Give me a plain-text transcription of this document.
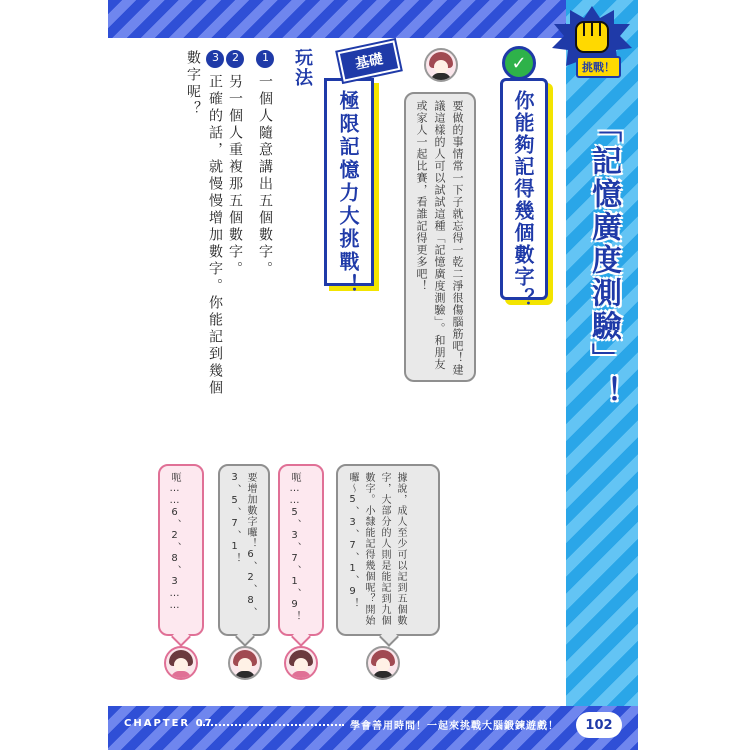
挑戰！
「記憶廣度測驗」！
✓
你能夠記得幾個數字？
要做的事情常一下子就忘得一乾二淨很傷腦筋吧！建議這樣的人可以試試這種「記憶廣度測驗」。和朋友或家人一起比賽，看誰記得更多吧！
基礎
極限記憶力大挑戰！
玩法
1一個人隨意講出五個數字。
2另一個人重複那五個數字。
3正確的話，就慢慢增加數字。你能記到幾個數字呢？
據說，成人至少可以記到五個數字，大部分的人則是能記到九個數字。小隸能記得幾個呢？開始囉～5、3、7、1、9！
呃……5、3、7、1、9！
要增加數字囉！6、2、8、3、5、7、1！
呃……6、2、8、3……
CHAPTER 07	學會善用時間！一起來挑戰大腦鍛鍊遊戲！	102
